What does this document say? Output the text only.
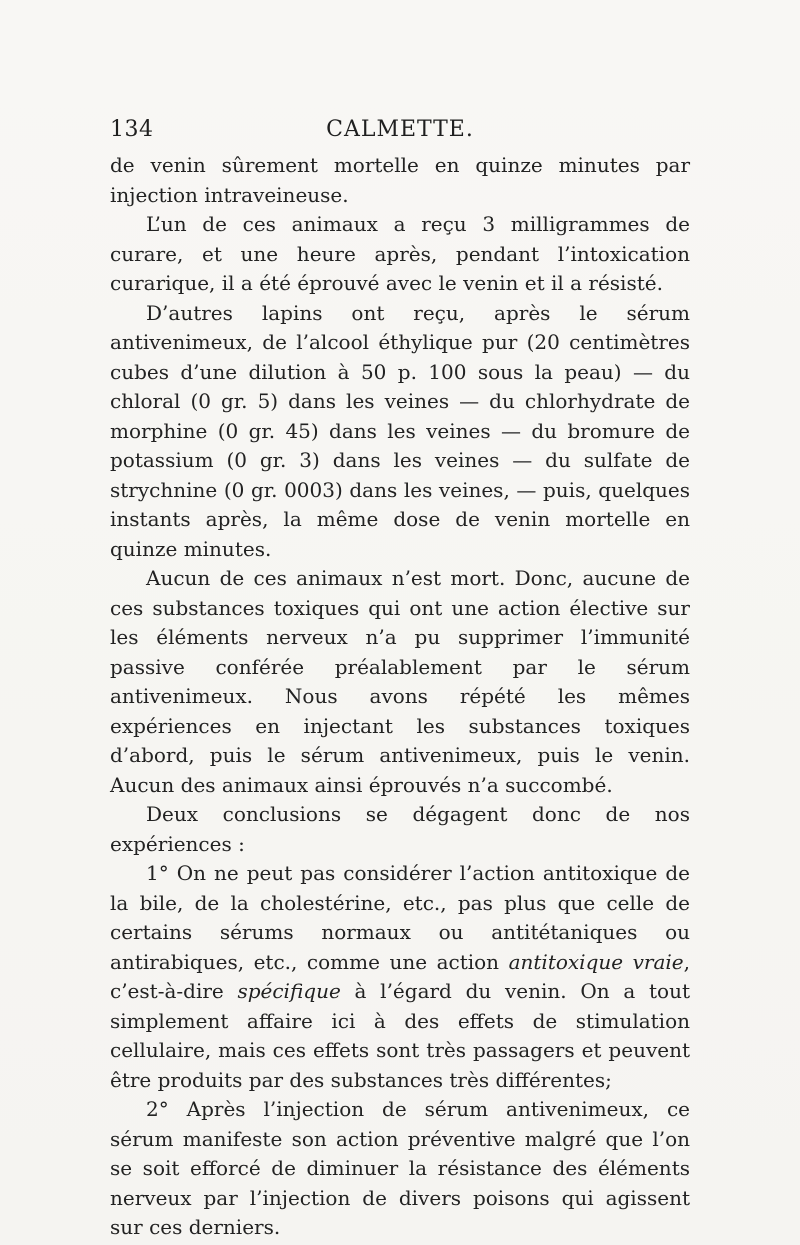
134	CALMETTE.

de venin sûrement mortelle en quinze minutes par injection intraveineuse.

L’un de ces animaux a reçu 3 milligrammes de curare, et une heure après, pendant l’intoxication curarique, il a été éprouvé avec le venin et il a résisté.

D’autres lapins ont reçu, après le sérum antivenimeux, de l’alcool éthylique pur (20 centimètres cubes d’une dilution à 50 p. 100 sous la peau) — du chloral (0 gr. 5) dans les veines — du chlorhydrate de morphine (0 gr. 45) dans les veines — du bromure de potassium (0 gr. 3) dans les veines — du sulfate de strychnine (0 gr. 0003) dans les veines, — puis, quelques instants après, la même dose de venin mortelle en quinze minutes.

Aucun de ces animaux n’est mort. Donc, aucune de ces substances toxiques qui ont une action élective sur les éléments nerveux n’a pu supprimer l’immunité passive conférée préalablement par le sérum antivenimeux. Nous avons répété les mêmes expériences en injectant les substances toxiques d’abord, puis le sérum antivenimeux, puis le venin. Aucun des animaux ainsi éprouvés n’a succombé.

Deux conclusions se dégagent donc de nos expériences :

1° On ne peut pas considérer l’action antitoxique de la bile, de la cholestérine, etc., pas plus que celle de certains sérums normaux ou antitétaniques ou antirabiques, etc., comme une action antitoxique vraie, c’est-à-dire spécifique à l’égard du venin. On a tout simplement affaire ici à des effets de stimulation cellulaire, mais ces effets sont très passagers et peuvent être produits par des substances très différentes;

2° Après l’injection de sérum antivenimeux, ce sérum manifeste son action préventive malgré que l’on se soit efforcé de diminuer la résistance des éléments nerveux par l’injection de divers poisons qui agissent sur ces derniers.
